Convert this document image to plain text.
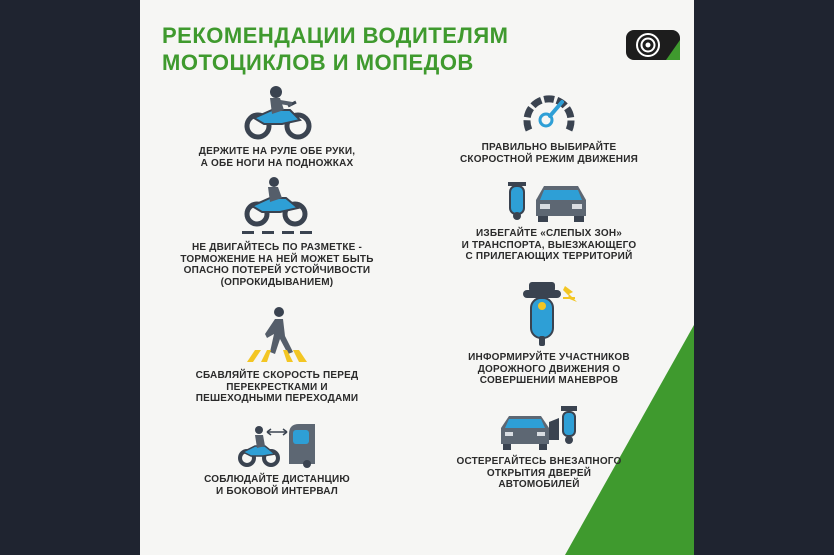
РЕКОМЕНДАЦИИ ВОДИТЕЛЯМ
МОТОЦИКЛОВ И МОПЕДОВ
ДЕРЖИТЕ НА РУЛЕ ОБЕ РУКИ,
А ОБЕ НОГИ НА ПОДНОЖКАХ
НЕ ДВИГАЙТЕСЬ ПО РАЗМЕТКЕ -
ТОРМОЖЕНИЕ НА НЕЙ МОЖЕТ БЫТЬ
ОПАСНО ПОТЕРЕЙ УСТОЙЧИВОСТИ
(ОПРОКИДЫВАНИЕМ)
СБАВЛЯЙТЕ СКОРОСТЬ ПЕРЕД
ПЕРЕКРЕСТКАМИ И
ПЕШЕХОДНЫМИ ПЕРЕХОДАМИ
СОБЛЮДАЙТЕ ДИСТАНЦИЮ
И БОКОВОЙ ИНТЕРВАЛ
ПРАВИЛЬНО ВЫБИРАЙТЕ
СКОРОСТНОЙ РЕЖИМ ДВИЖЕНИЯ
ИЗБЕГАЙТЕ «СЛЕПЫХ ЗОН»
И ТРАНСПОРТА, ВЫЕЗЖАЮЩЕГО
С ПРИЛЕГАЮЩИХ ТЕРРИТОРИЙ
ИНФОРМИРУЙТЕ УЧАСТНИКОВ
ДОРОЖНОГО ДВИЖЕНИЯ О
СОВЕРШЕНИИ МАНЕВРОВ
ОСТЕРЕГАЙТЕСЬ ВНЕЗАПНОГО
ОТКРЫТИЯ ДВЕРЕЙ
АВТОМОБИЛЕЙ
